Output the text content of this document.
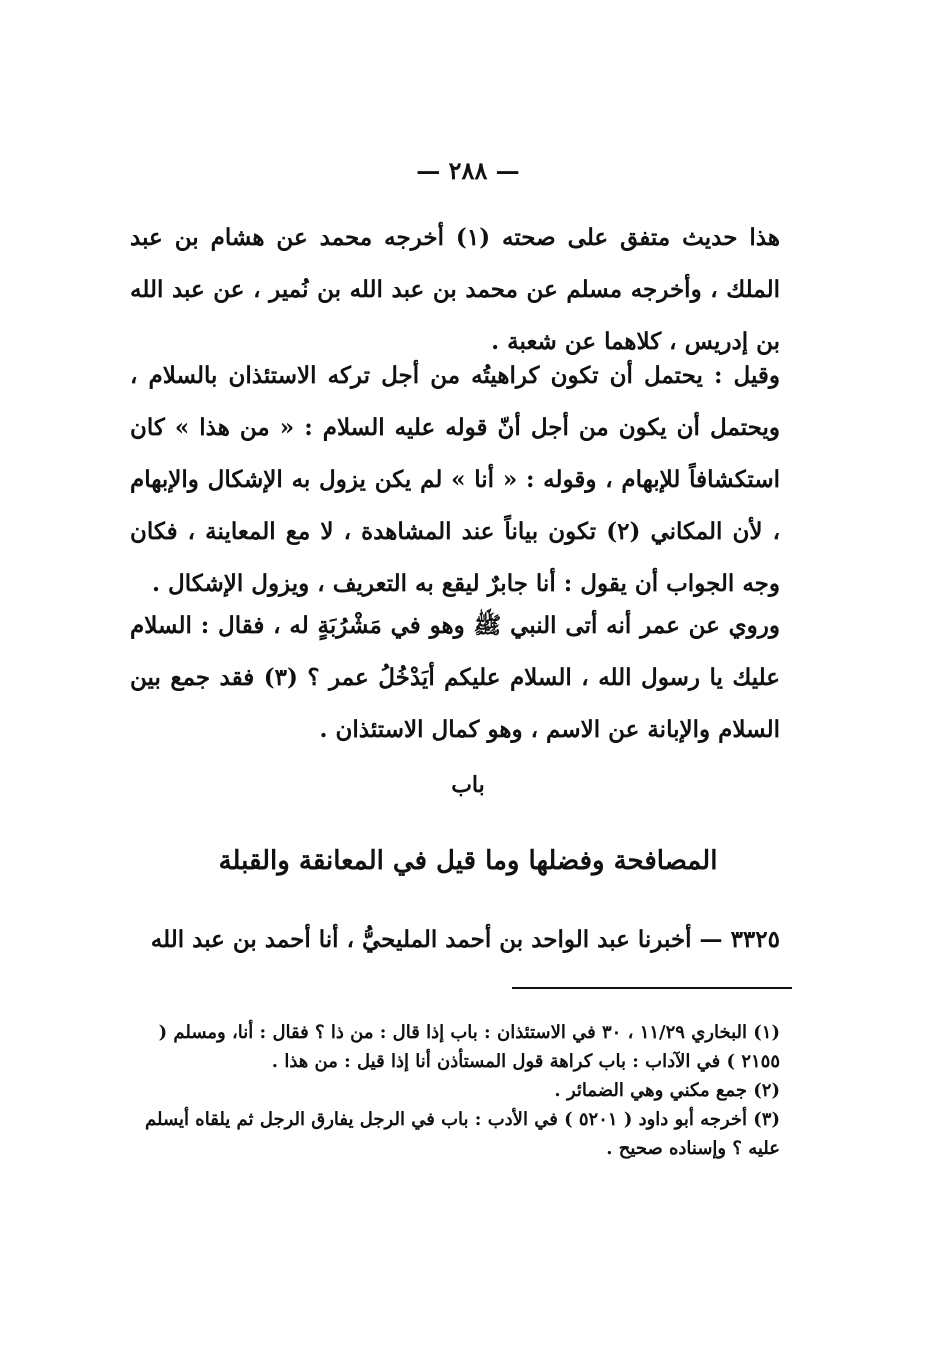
— ٢٨٨ —
هذا حديث متفق على صحته (١) أخرجه محمد عن هشام بن عبد الملك ، وأخرجه مسلم عن محمد بن عبد الله بن نُمير ، عن عبد الله بن إدريس ، كلاهما عن شعبة .
وقيل : يحتمل أن تكون كراهيتُه من أجل تركه الاستئذان بالسلام ، ويحتمل أن يكون من أجل أنّ قوله عليه السلام : « من هذا » كان استكشافاً للإبهام ، وقوله : « أنا » لم يكن يزول به الإشكال والإبهام ، لأن المكاني (٢) تكون بياناً عند المشاهدة ، لا مع المعاينة ، فكان وجه الجواب أن يقول : أنا جابرٌ ليقع به التعريف ، ويزول الإشكال .
وروي عن عمر أنه أتى النبي ﷺ وهو في مَشْرُبَةٍ له ، فقال : السلام عليك يا رسول الله ، السلام عليكم أيَدْخُلُ عمر ؟ (٣) فقد جمع بين السلام والإبانة عن الاسم ، وهو كمال الاستئذان .
باب
المصافحة وفضلها وما قيل في المعانقة والقبلة
٣٣٢٥ — أخبرنا عبد الواحد بن أحمد المليحيُّ ، أنا أحمد بن عبد الله

(١) البخاري ١١/٢٩ ، ٣٠ في الاستئذان : باب إذا قال : من ذا ؟ فقال : أنا، ومسلم ( ٢١٥٥ ) في الآداب : باب كراهة قول المستأذن أنا إذا قيل : من هذا .

(٢) جمع مكني وهي الضمائر .

(٣) أخرجه أبو داود ( ٥٢٠١ ) في الأدب : باب في الرجل يفارق الرجل ثم يلقاه أيسلم عليه ؟ وإسناده صحيح .
